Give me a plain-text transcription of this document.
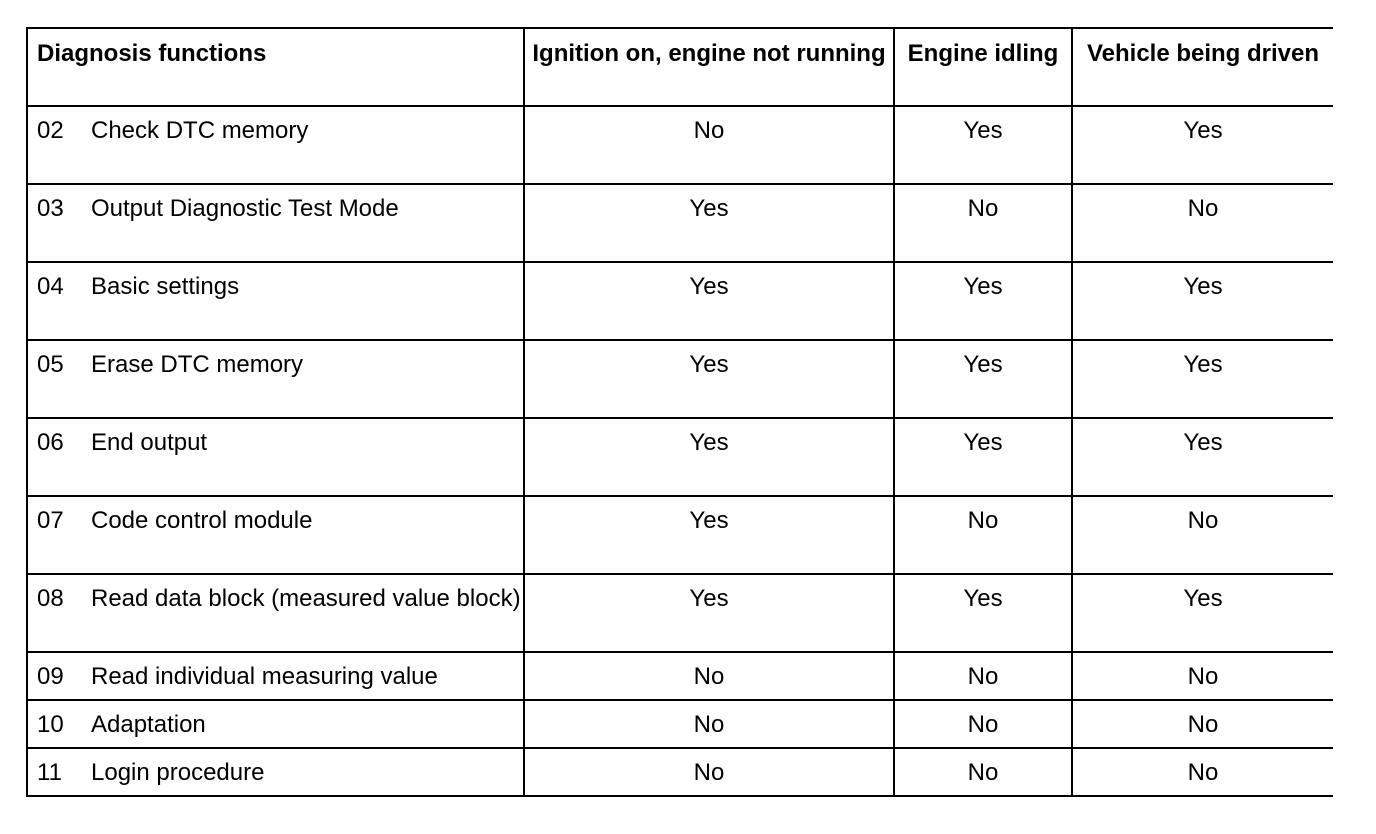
Diagnosis functions	Ignition on, engine not running	Engine idling	Vehicle being driven

02 Check DTC memory	No	Yes	Yes

03 Output Diagnostic Test Mode	Yes	No	No

04 Basic settings	Yes	Yes	Yes

05 Erase DTC memory	Yes	Yes	Yes

06 End output	Yes	Yes	Yes

07 Code control module	Yes	No	No

08 Read data block (measured value block)	Yes	Yes	Yes

09 Read individual measuring value	No	No	No

10 Adaptation	No	No	No

11 Login procedure	No	No	No
